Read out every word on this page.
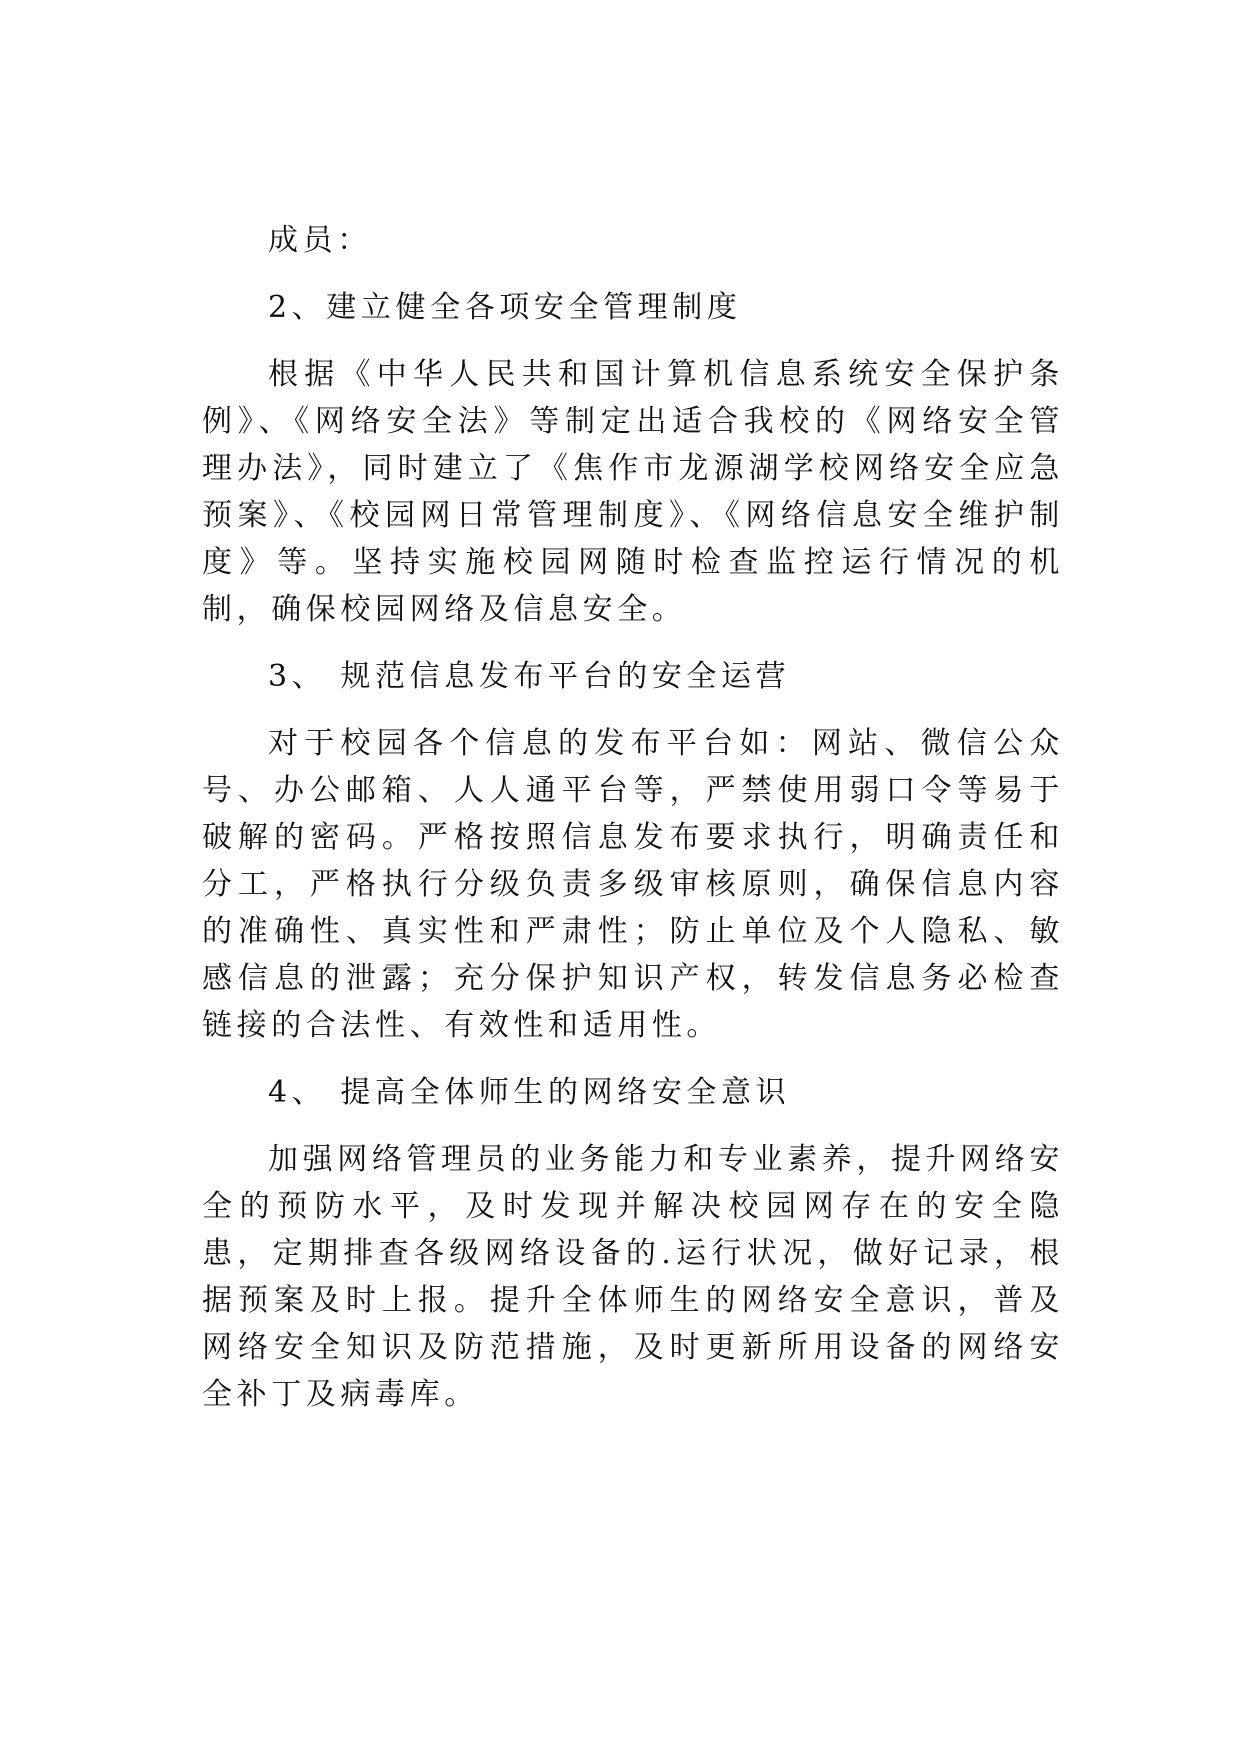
成员：

2、建立健全各项安全管理制度

根据《中华人民共和国计算机信息系统安全保护条例》、《网络安全法》等制定出适合我校的《网络安全管理办法》，同时建立了《焦作市龙源湖学校网络安全应急预案》、《校园网日常管理制度》、《网络信息安全维护制度》等。坚持实施校园网随时检查监控运行情况的机制，确保校园网络及信息安全。

3、 规范信息发布平台的安全运营

对于校园各个信息的发布平台如：网站、微信公众号、办公邮箱、人人通平台等，严禁使用弱口令等易于破解的密码。严格按照信息发布要求执行，明确责任和分工，严格执行分级负责多级审核原则，确保信息内容的准确性、真实性和严肃性；防止单位及个人隐私、敏感信息的泄露；充分保护知识产权，转发信息务必检查链接的合法性、有效性和适用性。

4、 提高全体师生的网络安全意识

加强网络管理员的业务能力和专业素养，提升网络安全的预防水平，及时发现并解决校园网存在的安全隐患，定期排查各级网络设备的.运行状况，做好记录，根据预案及时上报。提升全体师生的网络安全意识，普及网络安全知识及防范措施，及时更新所用设备的网络安全补丁及病毒库。
